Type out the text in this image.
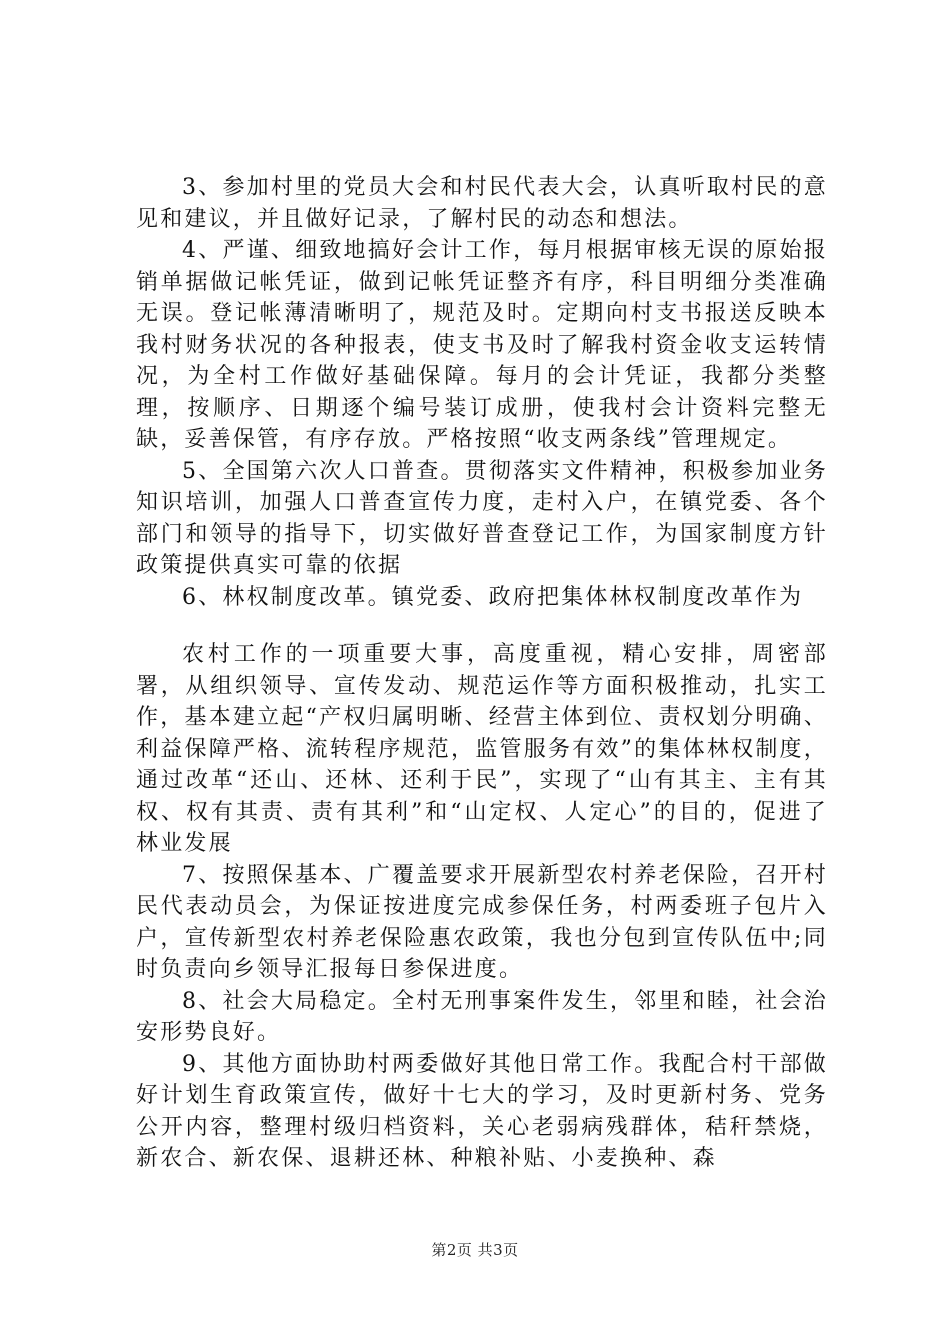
3、参加村里的党员大会和村民代表大会，认真听取村民的意见和建议，并且做好记录，了解村民的动态和想法。

4、严谨、细致地搞好会计工作，每月根据审核无误的原始报销单据做记帐凭证，做到记帐凭证整齐有序，科目明细分类准确无误。登记帐薄清晰明了，规范及时。定期向村支书报送反映本我村财务状况的各种报表，使支书及时了解我村资金收支运转情况，为全村工作做好基础保障。每月的会计凭证，我都分类整理，按顺序、日期逐个编号装订成册，使我村会计资料完整无缺，妥善保管，有序存放。严格按照“收支两条线”管理规定。

5、全国第六次人口普查。贯彻落实文件精神，积极参加业务知识培训，加强人口普查宣传力度，走村入户，在镇党委、各个部门和领导的指导下，切实做好普查登记工作，为国家制度方针政策提供真实可靠的依据

6、林权制度改革。镇党委、政府把集体林权制度改革作为

农村工作的一项重要大事，高度重视，精心安排，周密部署，从组织领导、宣传发动、规范运作等方面积极推动，扎实工作，基本建立起“产权归属明晰、经营主体到位、责权划分明确、利益保障严格、流转程序规范，监管服务有效”的集体林权制度，通过改革“还山、还林、还利于民”，实现了“山有其主、主有其权、权有其责、责有其利”和“山定权、人定心”的目的，促进了林业发展

7、按照保基本、广覆盖要求开展新型农村养老保险，召开村民代表动员会，为保证按进度完成参保任务，村两委班子包片入户，宣传新型农村养老保险惠农政策，我也分包到宣传队伍中;同时负责向乡领导汇报每日参保进度。

8、社会大局稳定。全村无刑事案件发生，邻里和睦，社会治安形势良好。

9、其他方面协助村两委做好其他日常工作。我配合村干部做好计划生育政策宣传，做好十七大的学习，及时更新村务、党务公开内容，整理村级归档资料，关心老弱病残群体，秸秆禁烧，新农合、新农保、退耕还林、种粮补贴、小麦换种、森

第2页 共3页
